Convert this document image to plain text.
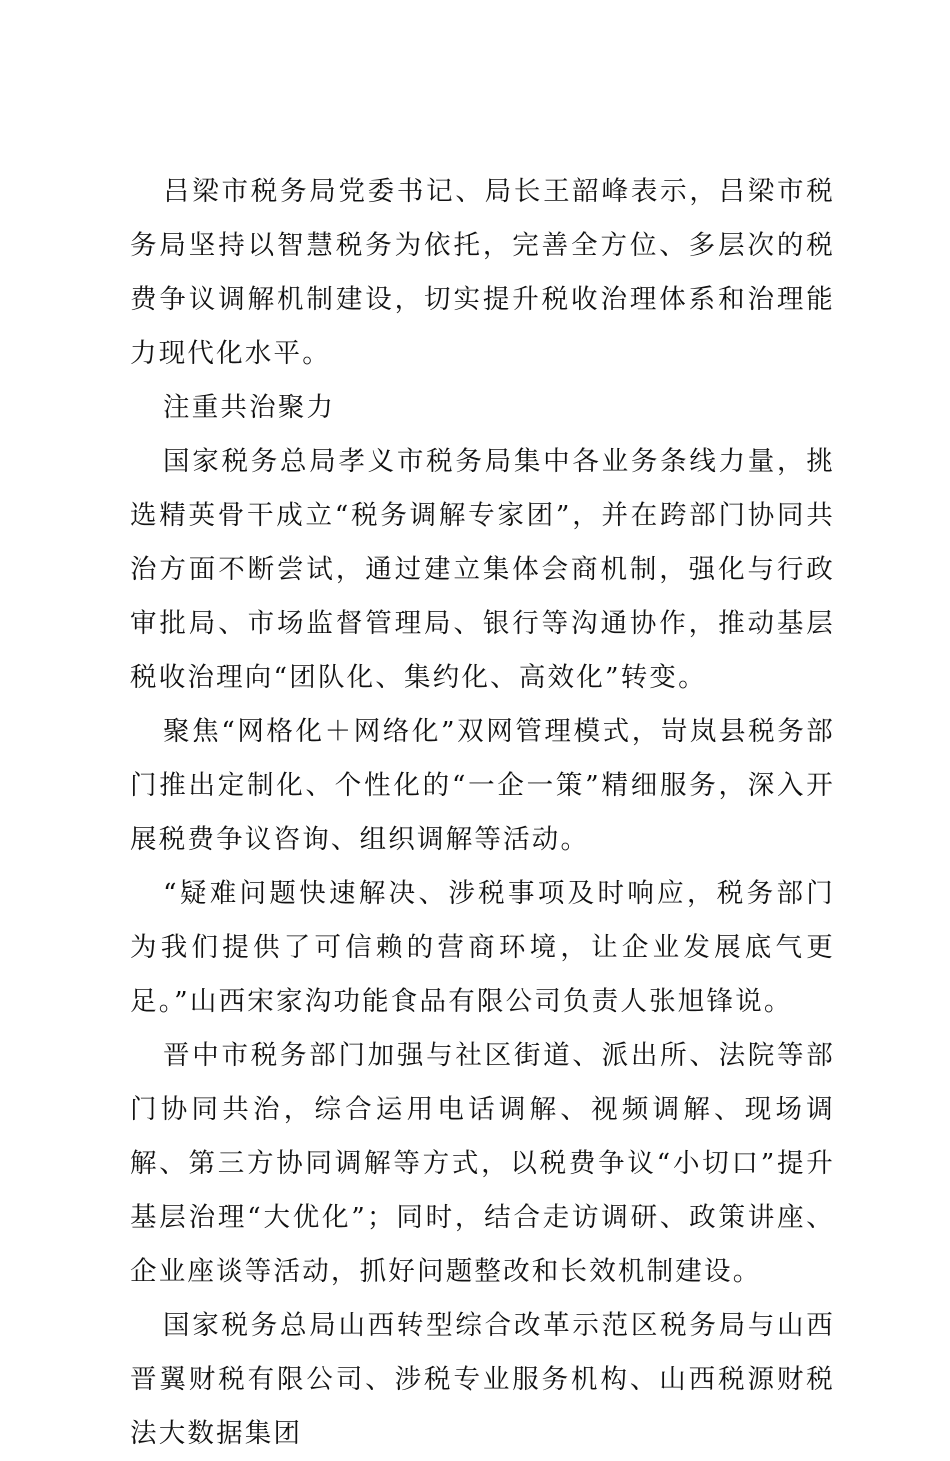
吕梁市税务局党委书记、局长王韶峰表示，吕梁市税务局坚持以智慧税务为依托，完善全方位、多层次的税费争议调解机制建设，切实提升税收治理体系和治理能力现代化水平。

注重共治聚力

国家税务总局孝义市税务局集中各业务条线力量，挑选精英骨干成立“税务调解专家团”，并在跨部门协同共治方面不断尝试，通过建立集体会商机制，强化与行政审批局、市场监督管理局、银行等沟通协作，推动基层税收治理向“团队化、集约化、高效化”转变。

聚焦“网格化＋网络化”双网管理模式，岢岚县税务部门推出定制化、个性化的“一企一策”精细服务，深入开展税费争议咨询、组织调解等活动。

“疑难问题快速解决、涉税事项及时响应，税务部门为我们提供了可信赖的营商环境，让企业发展底气更足。”山西宋家沟功能食品有限公司负责人张旭锋说。

晋中市税务部门加强与社区街道、派出所、法院等部门协同共治，综合运用电话调解、视频调解、现场调解、第三方协同调解等方式，以税费争议“小切口”提升基层治理“大优化”；同时，结合走访调研、政策讲座、企业座谈等活动，抓好问题整改和长效机制建设。

国家税务总局山西转型综合改革示范区税务局与山西晋翼财税有限公司、涉税专业服务机构、山西税源财税法大数据集团
